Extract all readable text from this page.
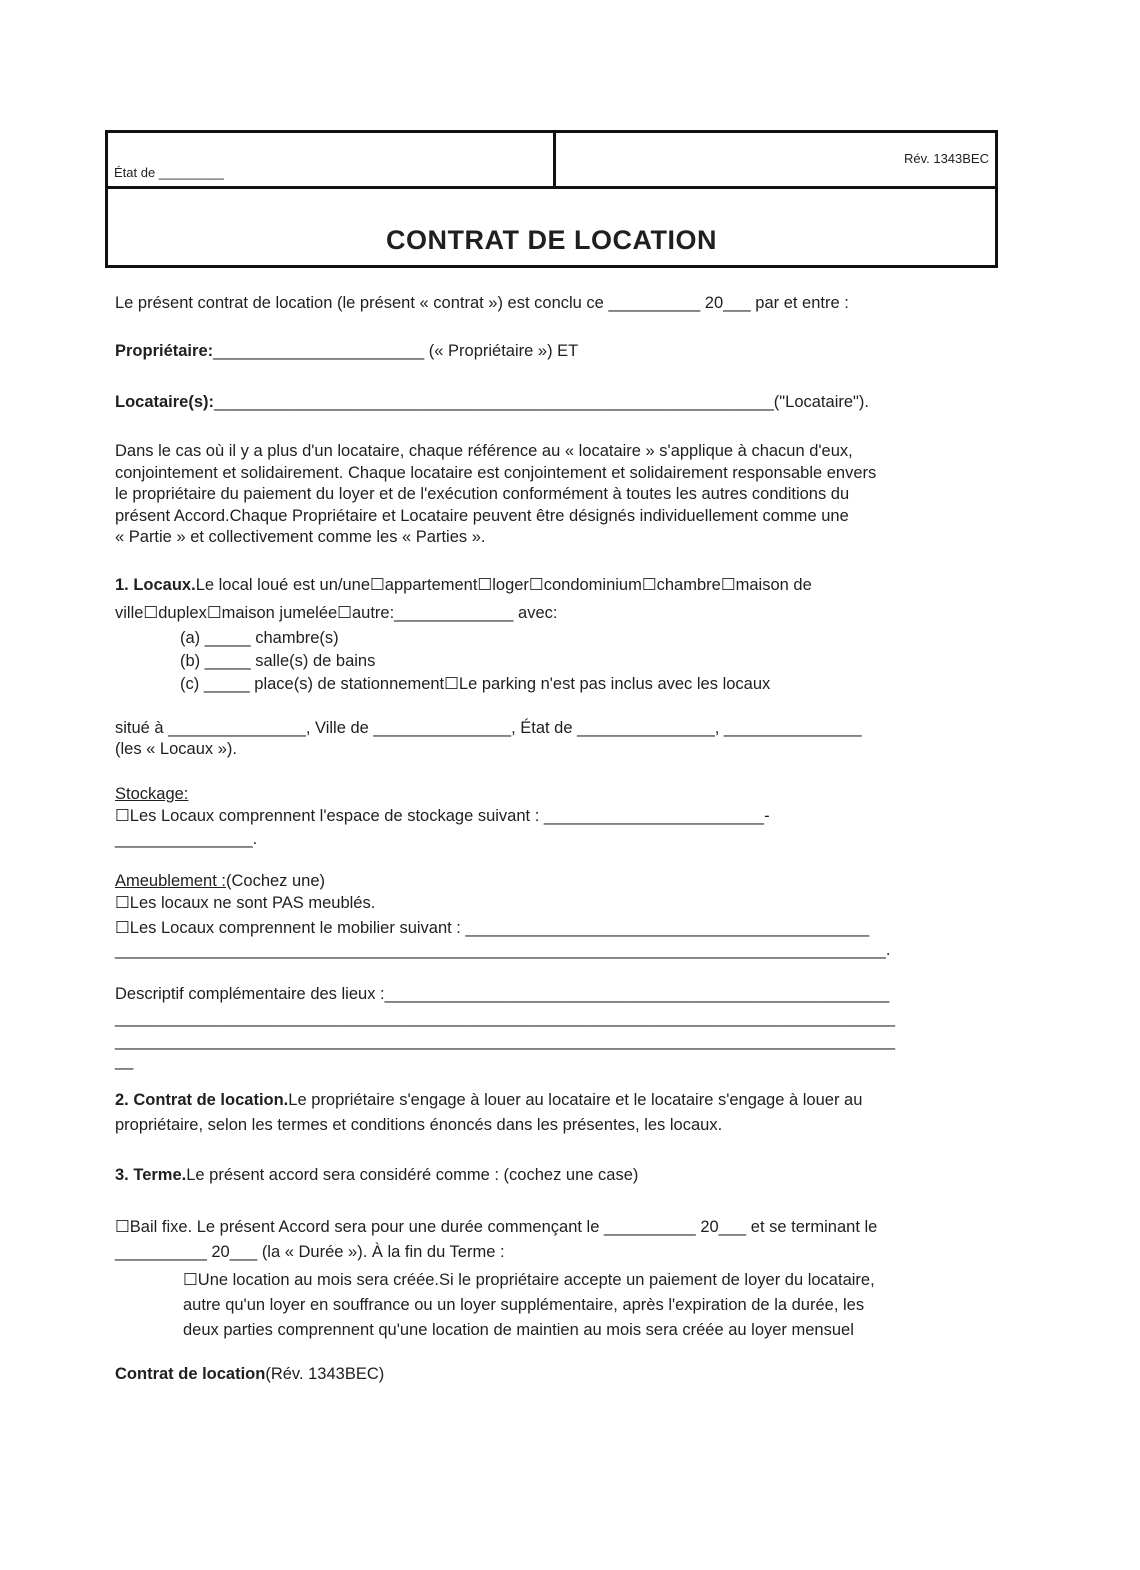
État de _________
Rév. 1343BEC
CONTRAT DE LOCATION
Le présent contrat de location (le présent « contrat ») est conclu ce __________ 20___ par et entre :
Propriétaire:_______________________ (« Propriétaire ») ET
Locataire(s):_____________________________________________________________("Locataire").
Dans le cas où il y a plus d'un locataire, chaque référence au « locataire » s'applique à chacun d'eux,
conjointement et solidairement. Chaque locataire est conjointement et solidairement responsable envers
le propriétaire du paiement du loyer et de l'exécution conformément à toutes les autres conditions du
présent Accord.Chaque Propriétaire et Locataire peuvent être désignés individuellement comme une
« Partie » et collectivement comme les « Parties ».
1. Locaux.Le local loué est un/une☐appartement☐loger☐condominium☐chambre☐maison de
ville☐duplex☐maison jumelée☐autre:_____________ avec:
(a) _____ chambre(s)
(b) _____ salle(s) de bains
(c) _____ place(s) de stationnement☐Le parking n'est pas inclus avec les locaux
situé à _______________, Ville de _______________, État de _______________, _______________
(les « Locaux »).
Stockage:
☐Les Locaux comprennent l'espace de stockage suivant : ________________________-
_______________.
Ameublement :(Cochez une)
☐Les locaux ne sont PAS meublés.
☐Les Locaux comprennent le mobilier suivant : ____________________________________________
____________________________________________________________________________________.
Descriptif complémentaire des lieux :_______________________________________________________
_____________________________________________________________________________________
_____________________________________________________________________________________
__
2. Contrat de location.Le propriétaire s'engage à louer au locataire et le locataire s'engage à louer au
propriétaire, selon les termes et conditions énoncés dans les présentes, les locaux.
3. Terme.Le présent accord sera considéré comme : (cochez une case)
☐Bail fixe. Le présent Accord sera pour une durée commençant le __________ 20___ et se terminant le
__________ 20___ (la « Durée »). À la fin du Terme :
☐Une location au mois sera créée.Si le propriétaire accepte un paiement de loyer du locataire,
autre qu'un loyer en souffrance ou un loyer supplémentaire, après l'expiration de la durée, les
deux parties comprennent qu'une location de maintien au mois sera créée au loyer mensuel
Contrat de location(Rév. 1343BEC)
